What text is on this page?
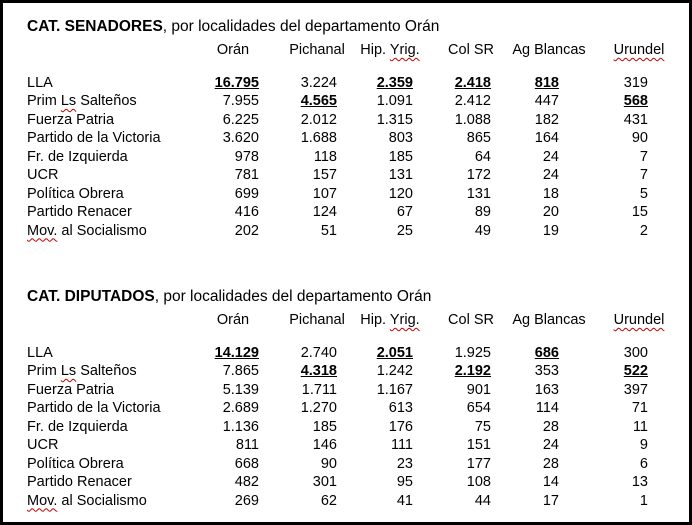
CAT. SENADORES, por localidades del departamento Orán
Orán	Pichanal	Hip. Yrig.	Col SR	Ag Blancas	Urundel
LLA	16.795	3.224	2.359	2.418	818	319
Prim Ls Salteños	7.955	4.565	1.091	2.412	447	568
Fuerza Patria	6.225	2.012	1.315	1.088	182	431
Partido de la Victoria	3.620	1.688	803	865	164	90
Fr. de Izquierda	978	118	185	64	24	7
UCR	781	157	131	172	24	7
Política Obrera	699	107	120	131	18	5
Partido Renacer	416	124	67	89	20	15
Mov. al Socialismo	202	51	25	49	19	2
CAT. DIPUTADOS, por localidades del departamento Orán
Orán	Pichanal	Hip. Yrig.	Col SR	Ag Blancas	Urundel
LLA	14.129	2.740	2.051	1.925	686	300
Prim Ls Salteños	7.865	4.318	1.242	2.192	353	522
Fuerza Patria	5.139	1.711	1.167	901	163	397
Partido de la Victoria	2.689	1.270	613	654	114	71
Fr. de Izquierda	1.136	185	176	75	28	11
UCR	811	146	111	151	24	9
Política Obrera	668	90	23	177	28	6
Partido Renacer	482	301	95	108	14	13
Mov. al Socialismo	269	62	41	44	17	1
